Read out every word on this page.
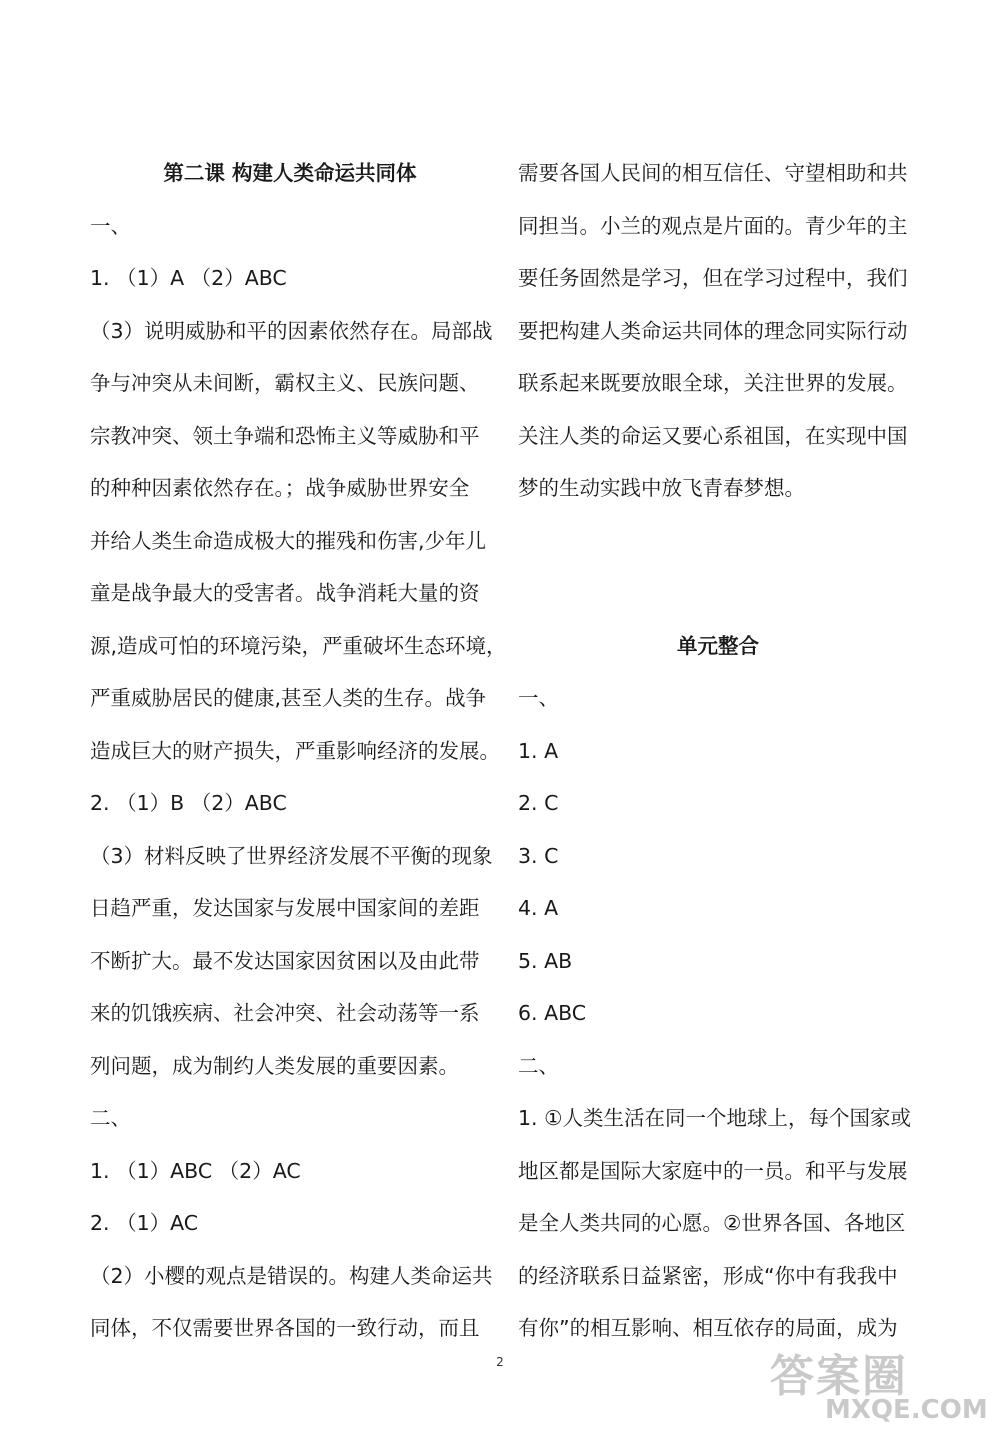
第二课 构建人类命运共同体
一、
1. （1）A （2）ABC
（3）说明威胁和平的因素依然存在。局部战
争与冲突从未间断，霸权主义、民族问题、
宗教冲突、领土争端和恐怖主义等威胁和平
的种种因素依然存在。；战争威胁世界安全
并给人类生命造成极大的摧残和伤害,少年儿
童是战争最大的受害者。战争消耗大量的资
源,造成可怕的环境污染，严重破坏生态环境，
严重威胁居民的健康,甚至人类的生存。战争
造成巨大的财产损失，严重影响经济的发展。
2. （1）B （2）ABC
（3）材料反映了世界经济发展不平衡的现象
日趋严重，发达国家与发展中国家间的差距
不断扩大。最不发达国家因贫困以及由此带
来的饥饿疾病、社会冲突、社会动荡等一系
列问题，成为制约人类发展的重要因素。
二、
1. （1）ABC （2）AC
2. （1）AC
（2）小樱的观点是错误的。构建人类命运共
同体，不仅需要世界各国的一致行动，而且
需要各国人民间的相互信任、守望相助和共
同担当。小兰的观点是片面的。青少年的主
要任务固然是学习，但在学习过程中，我们
要把构建人类命运共同体的理念同实际行动
联系起来既要放眼全球，关注世界的发展。
关注人类的命运又要心系祖国，在实现中国
梦的生动实践中放飞青春梦想。
单元整合
一、
1. A
2. C
3. C
4. A
5. AB
6. ABC
二、
1. ①人类生活在同一个地球上，每个国家或
地区都是国际大家庭中的一员。和平与发展
是全人类共同的心愿。②世界各国、各地区
的经济联系日益紧密，形成“你中有我我中
有你”的相互影响、相互依存的局面，成为
2	答案圈
MXQE.COM
